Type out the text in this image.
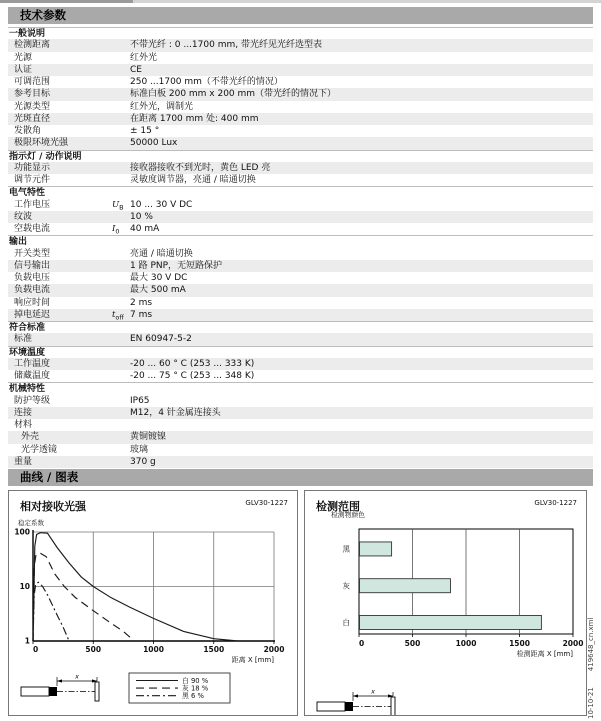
技术参数
一般说明
检测距离	不带光纤 : 0 ...1700 mm, 带光纤见光纤选型表
光源	红外光
认证	CE
可调范围	250 ...1700 mm（不带光纤的情况）
参考目标	标准白板 200 mm x 200 mm（带光纤的情况下）
光源类型	红外光，调制光
光斑直径	在距离 1700 mm 处: 400 mm
发散角	± 15 °
极限环境光强	50000 Lux
指示灯 / 动作说明
功能显示	接收器接收不到光时，黄色 LED 亮
调节元件	灵敏度调节器，亮通 / 暗通切换
电气特性
工作电压	$U_B$ 10 ... 30 V DC
纹波	10 %
空载电流	$I_0$	40 mA
输出
开关类型	亮通 / 暗通切换
信号输出	1 路 PNP，无短路保护
负载电压	最大 30 V DC
负载电流	最大 500 mA
响应时间	2 ms
掉电延迟	$t_{off}$ 7 ms
符合标准
标准	EN 60947-5-2
环境温度
工作温度	-20 ... 60 ° C (253 ... 333 K)
储藏温度	-20 ... 75 ° C (253 ... 348 K)
机械特性
防护等级	IP65
连接	M12，4 针金属连接头
材料
外壳	黄铜镀镍
光学透镜	玻璃
重量	370 g
曲线 / 图表
1
10
100
0	500	1000	1500	2000
稳定系数
距离 X [mm]
白 90 %
灰 18 %
黑 6 %
x
相对接收光强	GLV30-1227
黑
灰
白
0	500	1000	1500	2000
检测物颜色
检测距离 X [mm]
x
检测范围	GLV30-1227
10-10-21419648_cn.xml
